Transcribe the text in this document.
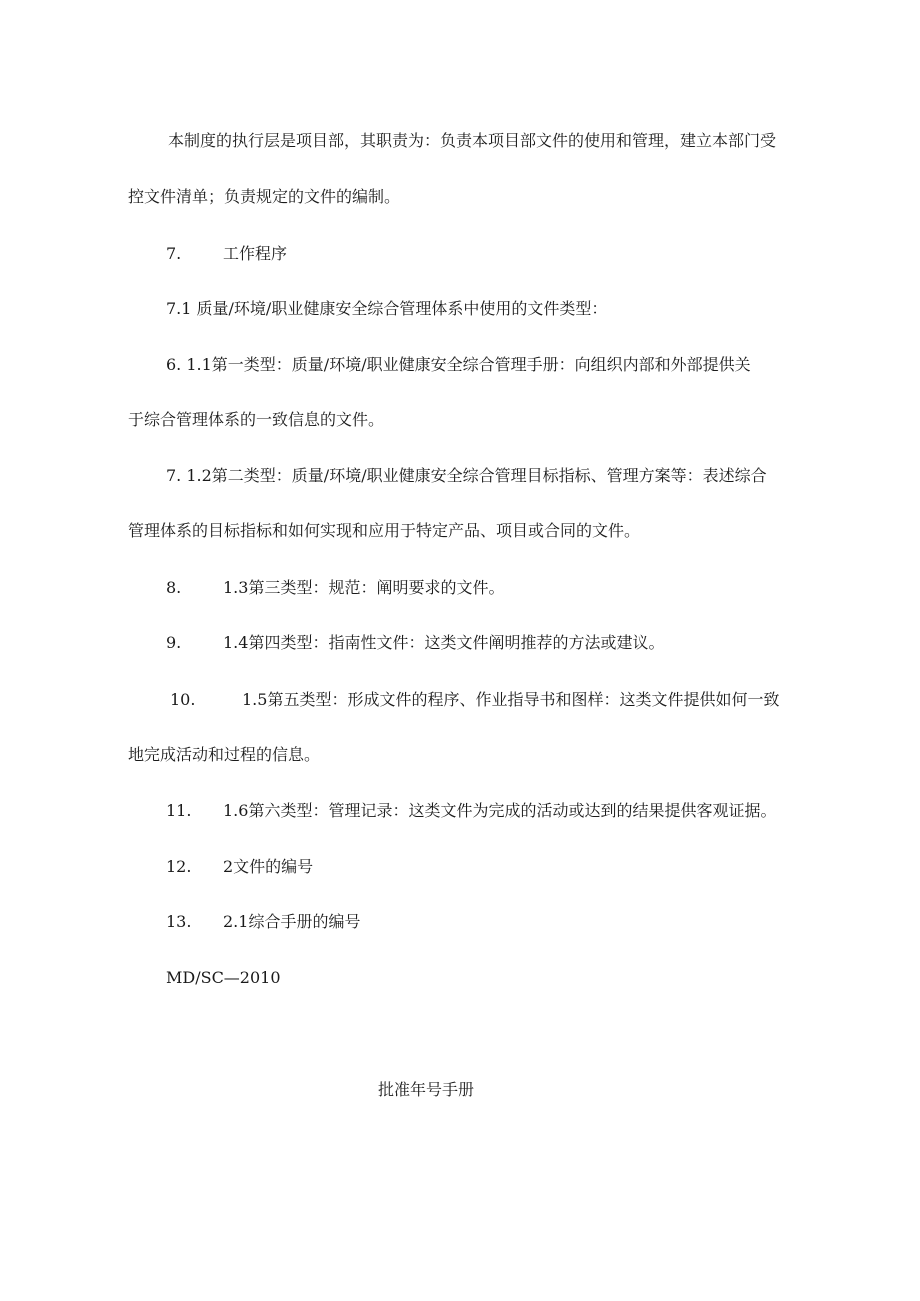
本制度的执行层是项目部，其职责为：负责本项目部文件的使用和管理，建立本部门受

控文件清单；负责规定的文件的编制。

7.	工作程序

7.1 质量/环境/职业健康安全综合管理体系中使用的文件类型：

6. 1.1第一类型：质量/环境/职业健康安全综合管理手册：向组织内部和外部提供关

于综合管理体系的一致信息的文件。

7. 1.2第二类型：质量/环境/职业健康安全综合管理目标指标、管理方案等：表述综合

管理体系的目标指标和如何实现和应用于特定产品、项目或合同的文件。

8.	1.3第三类型：规范：阐明要求的文件。

9.	1.4第四类型：指南性文件：这类文件阐明推荐的方法或建议。

10.	1.5第五类型：形成文件的程序、作业指导书和图样：这类文件提供如何一致

地完成活动和过程的信息。

11. 1.6第六类型：管理记录：这类文件为完成的活动或达到的结果提供客观证据。

12. 2文件的编号

13. 2.1综合手册的编号

MD/SC—2010

批准年号手册
